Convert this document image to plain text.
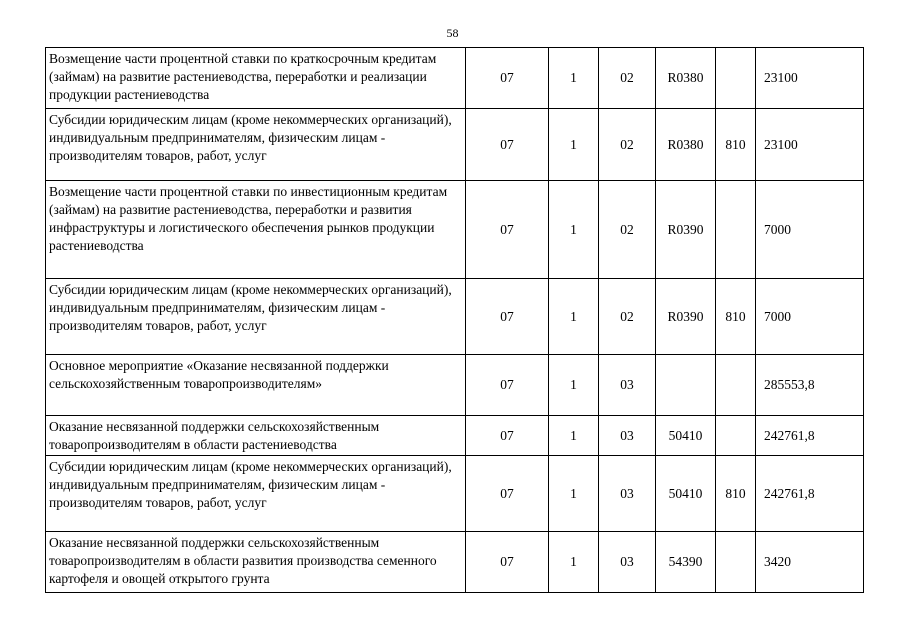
58
Возмещение части процентной ставки по краткосрочным кредитам (займам) на развитие растениеводства, переработки и реализации продукции растениеводства	07	1	02	R0380		23100
Субсидии юридическим лицам (кроме некоммерческих организаций), индивидуальным предпринимателям, физическим лицам - производителям товаров, работ, услуг	07	1	02	R0380	810	23100
Возмещение части процентной ставки по инвестиционным кредитам (займам) на развитие растениеводства, переработки и развития инфраструктуры и логистического обеспечения рынков продукции растениеводства	07	1	02	R0390		7000
Субсидии юридическим лицам (кроме некоммерческих организаций), индивидуальным предпринимателям, физическим лицам - производителям товаров, работ, услуг	07	1	02	R0390	810	7000
Основное мероприятие «Оказание несвязанной поддержки сельскохозяйственным товаропроизводителям»	07	1	03			285553,8
Оказание несвязанной поддержки сельскохозяйственным товаропроизводителям в области растениеводства	07	1	03	50410		242761,8
Субсидии юридическим лицам (кроме некоммерческих организаций), индивидуальным предпринимателям, физическим лицам - производителям товаров, работ, услуг	07	1	03	50410	810	242761,8
Оказание несвязанной поддержки сельскохозяйственным товаропроизводителям в области развития производства семенного картофеля и овощей открытого грунта	07	1	03	54390		3420
